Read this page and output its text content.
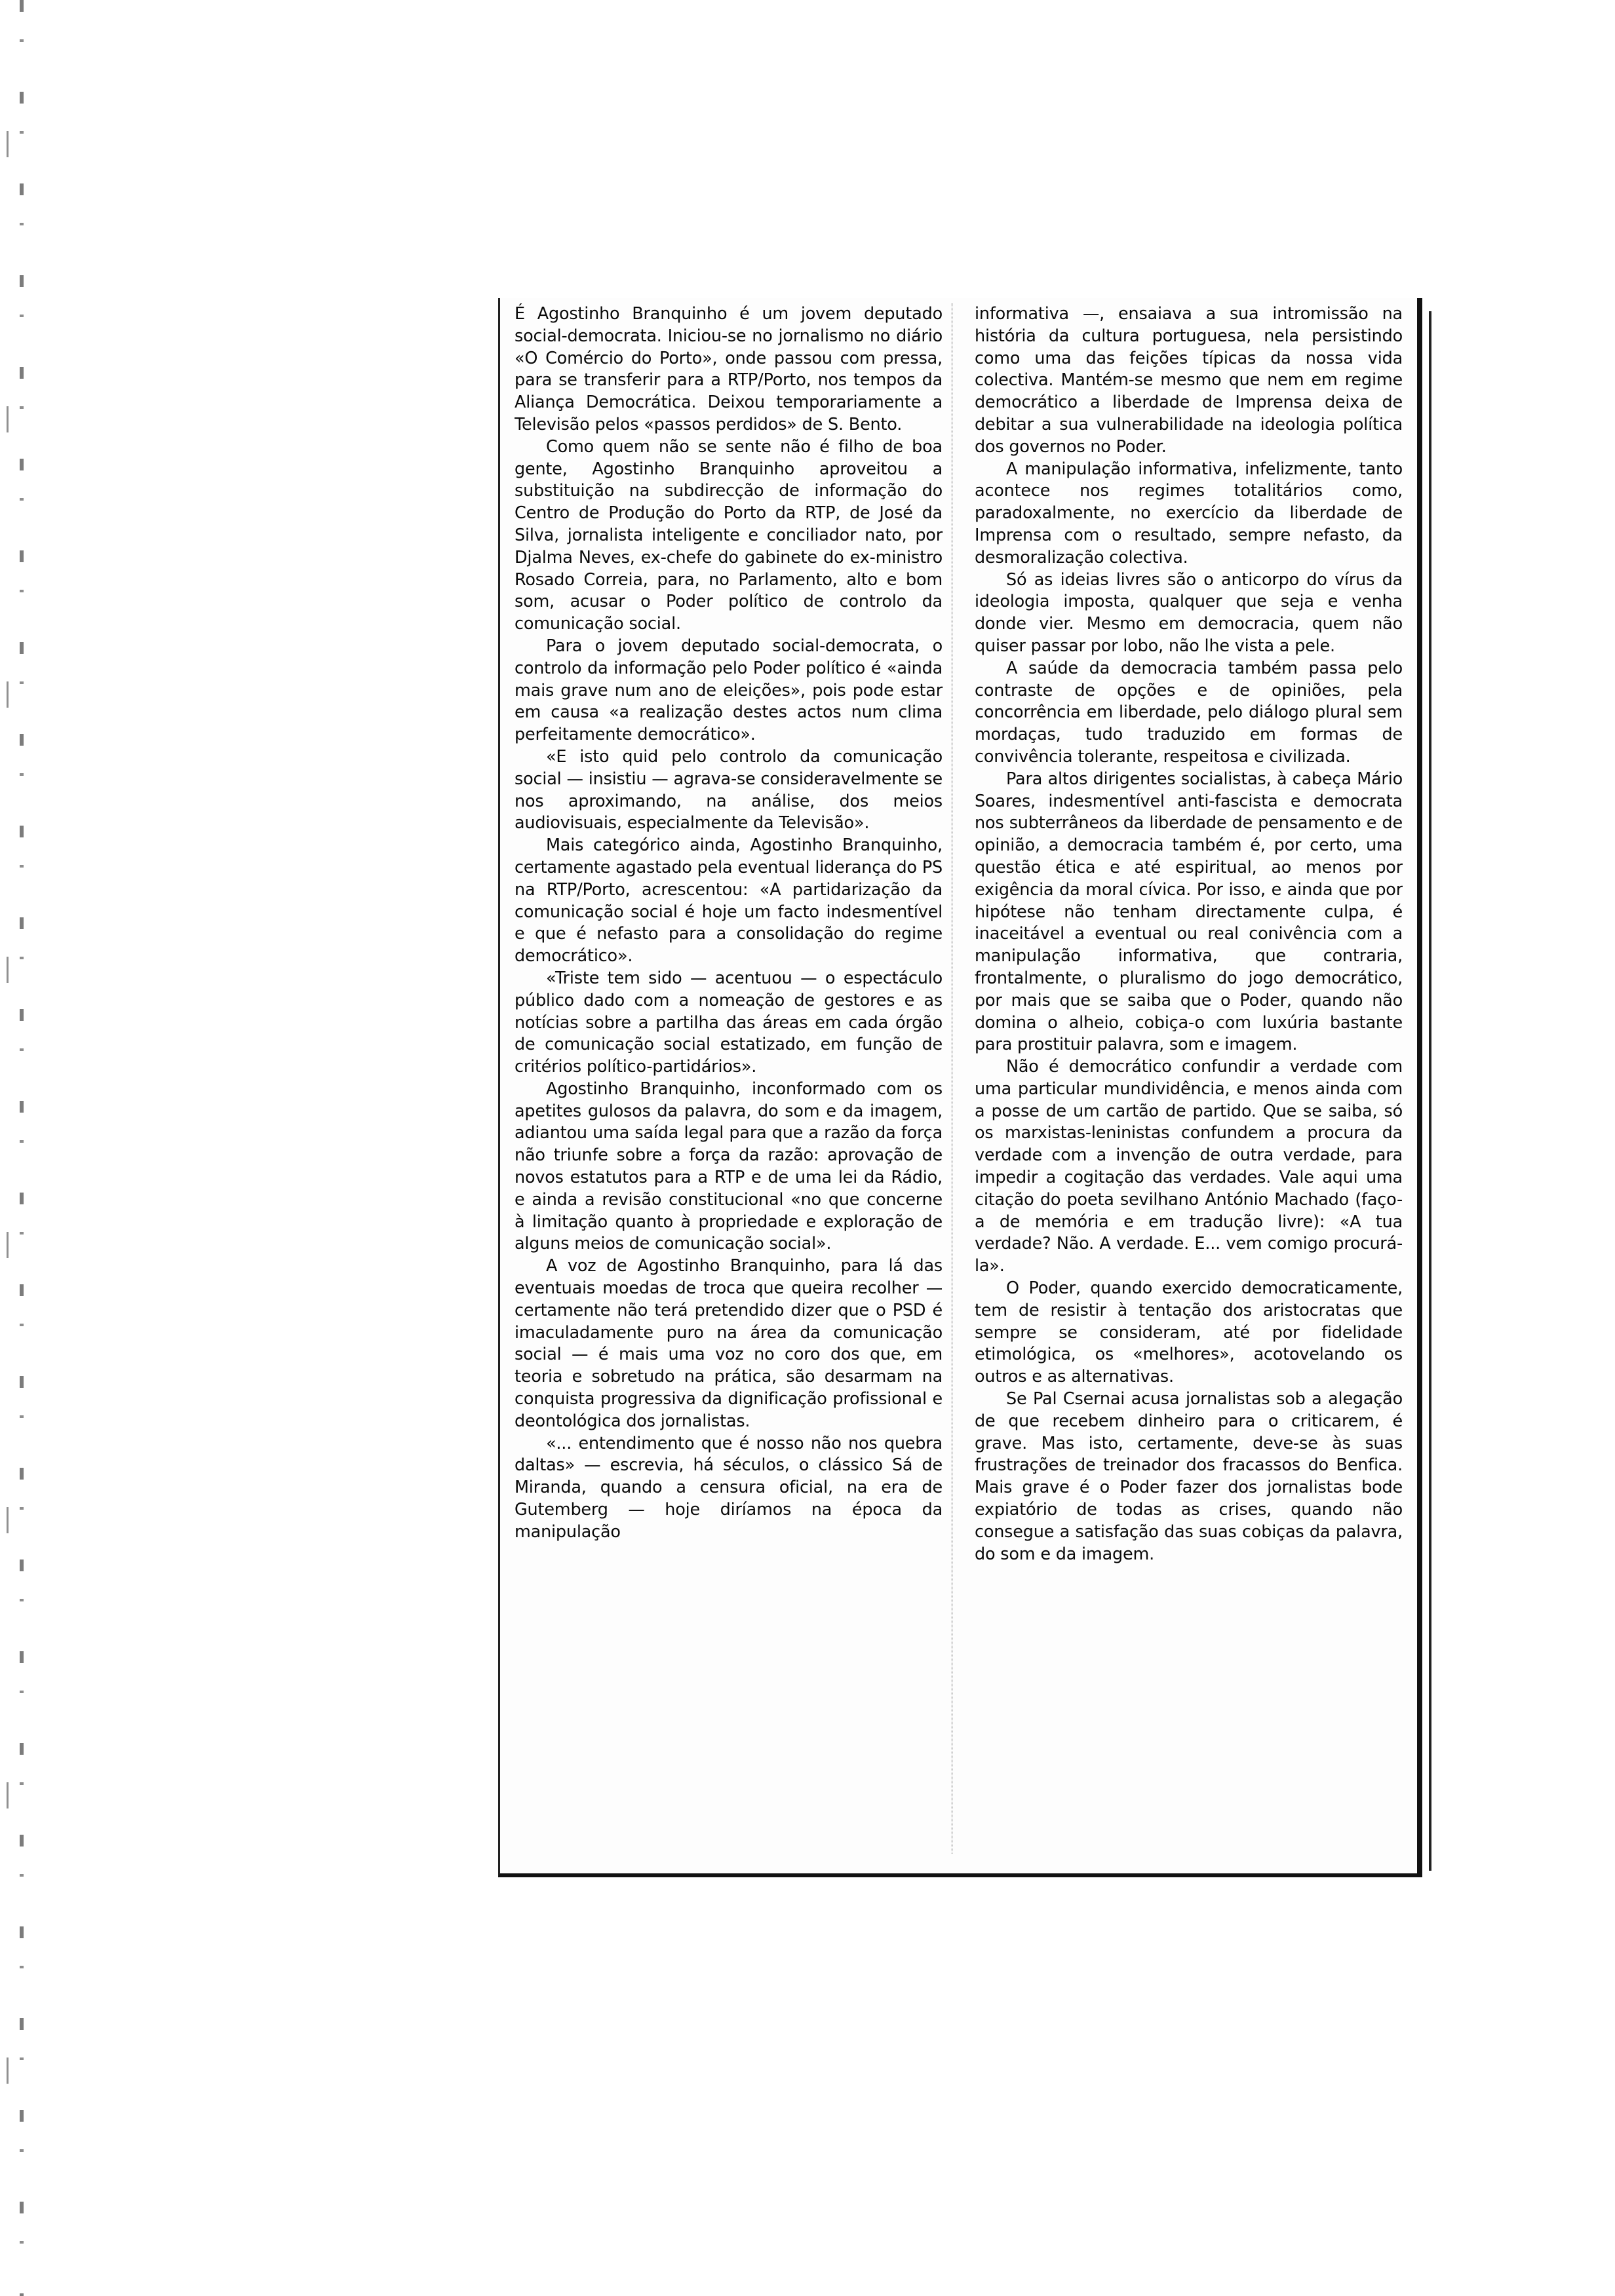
É Agostinho Branquinho é um jovem deputado social-democrata. Iniciou-se no jornalismo no diário «O Comércio do Porto», onde passou com pressa, para se transferir para a RTP/Porto, nos tempos da Aliança Democrática. Deixou temporariamente a Televisão pelos «passos perdidos» de S. Bento.

Como quem não se sente não é filho de boa gente, Agostinho Branquinho aproveitou a substituição na subdirecção de informação do Centro de Produção do Porto da RTP, de José da Silva, jornalista inteligente e conciliador nato, por Djalma Neves, ex-chefe do gabinete do ex-ministro Rosado Correia, para, no Parlamento, alto e bom som, acusar o Poder político de controlo da comunicação social.

Para o jovem deputado social-democrata, o controlo da informação pelo Poder político é «ainda mais grave num ano de eleições», pois pode estar em causa «a realização destes actos num clima perfeitamente democrático».

«E isto quid pelo controlo da comunicação social — insistiu — agrava-se consideravelmente se nos aproximando, na análise, dos meios audiovisuais, especialmente da Televisão».

Mais categórico ainda, Agostinho Branquinho, certamente agastado pela eventual liderança do PS na RTP/Porto, acrescentou: «A partidarização da comunicação social é hoje um facto indesmentível e que é nefasto para a consolidação do regime democrático».

«Triste tem sido — acentuou — o espectáculo público dado com a nomeação de gestores e as notícias sobre a partilha das áreas em cada órgão de comunicação social estatizado, em função de critérios político-partidários».

Agostinho Branquinho, inconformado com os apetites gulosos da palavra, do som e da imagem, adiantou uma saída legal para que a razão da força não triunfe sobre a força da razão: aprovação de novos estatutos para a RTP e de uma lei da Rádio, e ainda a revisão constitucional «no que concerne à limitação quanto à propriedade e exploração de alguns meios de comunicação social».

A voz de Agostinho Branquinho, para lá das eventuais moedas de troca que queira recolher — certamente não terá pretendido dizer que o PSD é imaculadamente puro na área da comunicação social — é mais uma voz no coro dos que, em teoria e sobretudo na prática, são desarmam na conquista progressiva da dignificação profissional e deontológica dos jornalistas.

«... entendimento que é nosso não nos quebra daltas» — escrevia, há séculos, o clássico Sá de Miranda, quando a censura oficial, na era de Gutemberg — hoje diríamos na época da manipulação

informativa —, ensaiava a sua intromissão na história da cultura portuguesa, nela persistindo como uma das feições típicas da nossa vida colectiva. Mantém-se mesmo que nem em regime democrático a liberdade de Imprensa deixa de debitar a sua vulnerabilidade na ideologia política dos governos no Poder.

A manipulação informativa, infelizmente, tanto acontece nos regimes totalitários como, paradoxalmente, no exercício da liberdade de Imprensa com o resultado, sempre nefasto, da desmoralização colectiva.

Só as ideias livres são o anticorpo do vírus da ideologia imposta, qualquer que seja e venha donde vier. Mesmo em democracia, quem não quiser passar por lobo, não lhe vista a pele.

A saúde da democracia também passa pelo contraste de opções e de opiniões, pela concorrência em liberdade, pelo diálogo plural sem mordaças, tudo traduzido em formas de convivência tolerante, respeitosa e civilizada.

Para altos dirigentes socialistas, à cabeça Mário Soares, indesmentível anti-fascista e democrata nos subterrâneos da liberdade de pensamento e de opinião, a democracia também é, por certo, uma questão ética e até espiritual, ao menos por exigência da moral cívica. Por isso, e ainda que por hipótese não tenham directamente culpa, é inaceitável a eventual ou real conivência com a manipulação informativa, que contraria, frontalmente, o pluralismo do jogo democrático, por mais que se saiba que o Poder, quando não domina o alheio, cobiça-o com luxúria bastante para prostituir palavra, som e imagem.

Não é democrático confundir a verdade com uma particular mundividência, e menos ainda com a posse de um cartão de partido. Que se saiba, só os marxistas-leninistas confundem a procura da verdade com a invenção de outra verdade, para impedir a cogitação das verdades. Vale aqui uma citação do poeta sevilhano António Machado (faço-a de memória e em tradução livre): «A tua verdade? Não. A verdade. E... vem comigo procurá-la».

O Poder, quando exercido democraticamente, tem de resistir à tentação dos aristocratas que sempre se consideram, até por fidelidade etimológica, os «melhores», acotovelando os outros e as alternativas.

Se Pal Csernai acusa jornalistas sob a alegação de que recebem dinheiro para o criticarem, é grave. Mas isto, certamente, deve-se às suas frustrações de treinador dos fracassos do Benfica. Mais grave é o Poder fazer dos jornalistas bode expiatório de todas as crises, quando não consegue a satisfação das suas cobiças da palavra, do som e da imagem.
